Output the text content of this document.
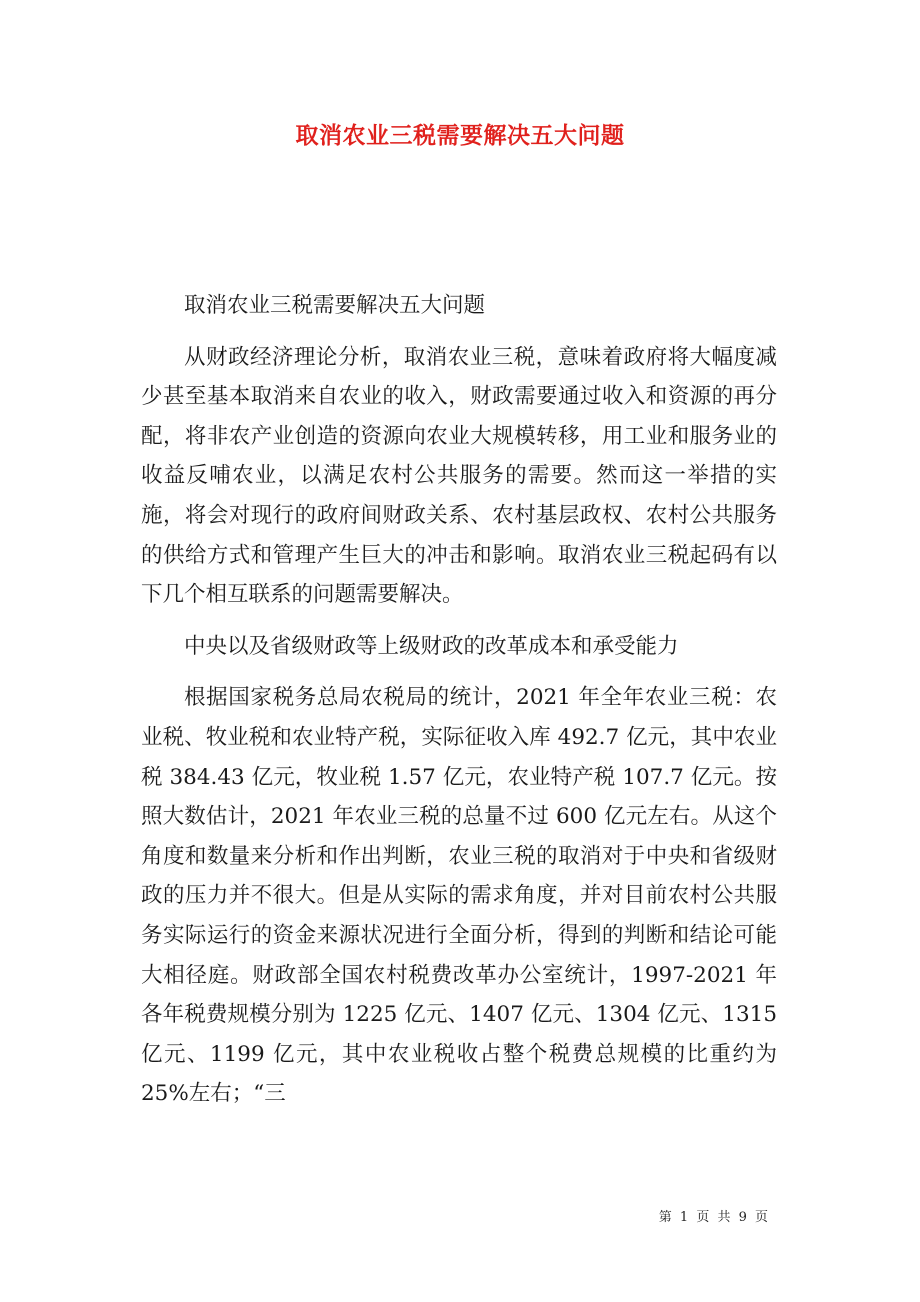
取消农业三税需要解决五大问题

取消农业三税需要解决五大问题

从财政经济理论分析，取消农业三税，意味着政府将大幅度减少甚至基本取消来自农业的收入，财政需要通过收入和资源的再分配，将非农产业创造的资源向农业大规模转移，用工业和服务业的收益反哺农业，以满足农村公共服务的需要。然而这一举措的实施，将会对现行的政府间财政关系、农村基层政权、农村公共服务的供给方式和管理产生巨大的冲击和影响。取消农业三税起码有以下几个相互联系的问题需要解决。

中央以及省级财政等上级财政的改革成本和承受能力

根据国家税务总局农税局的统计，2021 年全年农业三税：农业税、牧业税和农业特产税，实际征收入库 492.7 亿元，其中农业税 384.43 亿元，牧业税 1.57 亿元，农业特产税 107.7 亿元。按照大数估计，2021 年农业三税的总量不过 600 亿元左右。从这个角度和数量来分析和作出判断，农业三税的取消对于中央和省级财政的压力并不很大。但是从实际的需求角度，并对目前农村公共服务实际运行的资金来源状况进行全面分析，得到的判断和结论可能大相径庭。财政部全国农村税费改革办公室统计，1997-2021 年各年税费规模分别为 1225 亿元、1407 亿元、1304 亿元、1315 亿元、1199 亿元，其中农业税收占整个税费总规模的比重约为 25%左右；“三

第 1 页 共 9 页
